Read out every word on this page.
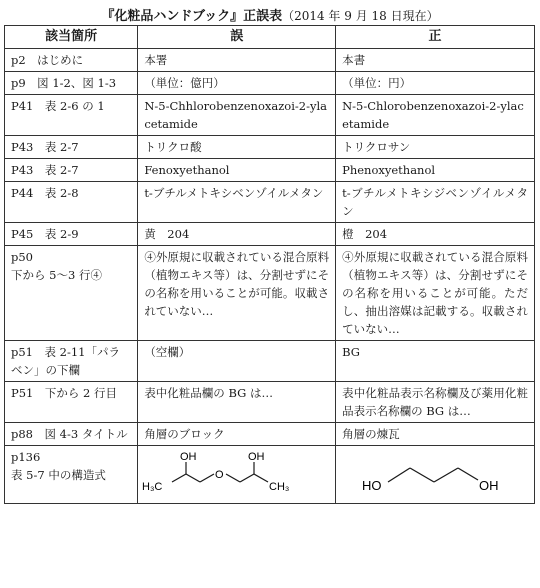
『化粧品ハンドブック』正誤表（2014 年 9 月 18 日現在）
該当箇所	誤	正

p2　はじめに	本署	本書

p9　図 1-2、図 1-3	（単位：億円）	（単位：円）

P41　表 2-6 の 1	N-5-Chhlorobenzenoxazoi-2-ylacetamide	N-5-Chlorobenzenoxazoi-2-ylacetamide

P43　表 2-7	トリクロ酸	トリクロサン

P43　表 2-7	Fenoxyethanol	Phenoxyethanol

P44　表 2-8	t-ブチルメトキシベンゾイルメタン	t-ブチルメトキシジベンゾイルメタン

P45　表 2-9	黄　204	橙　204

p50
下から 5～3 行④	④外原規に収載されている混合原料（植物エキス等）は、分割せずにその名称を用いることが可能。収載されていない…	④外原規に収載されている混合原料（植物エキス等）は、分割せずにその名称を用いることが可能。ただし、抽出溶媒は記載する。収載されていない…

p51　表 2-11「パラベン」の下欄	（空欄）	BG

P51　下から 2 行目	表中化粧品欄の BG は…	表中化粧品表示名称欄及び薬用化粧品表示名称欄の BG は…

p88　図 4-3 タイトル	角層のブロック	角層の煉瓦

p136
表 5-7 中の構造式	H₃C
OH
O
OH
CH₃	HO OH
